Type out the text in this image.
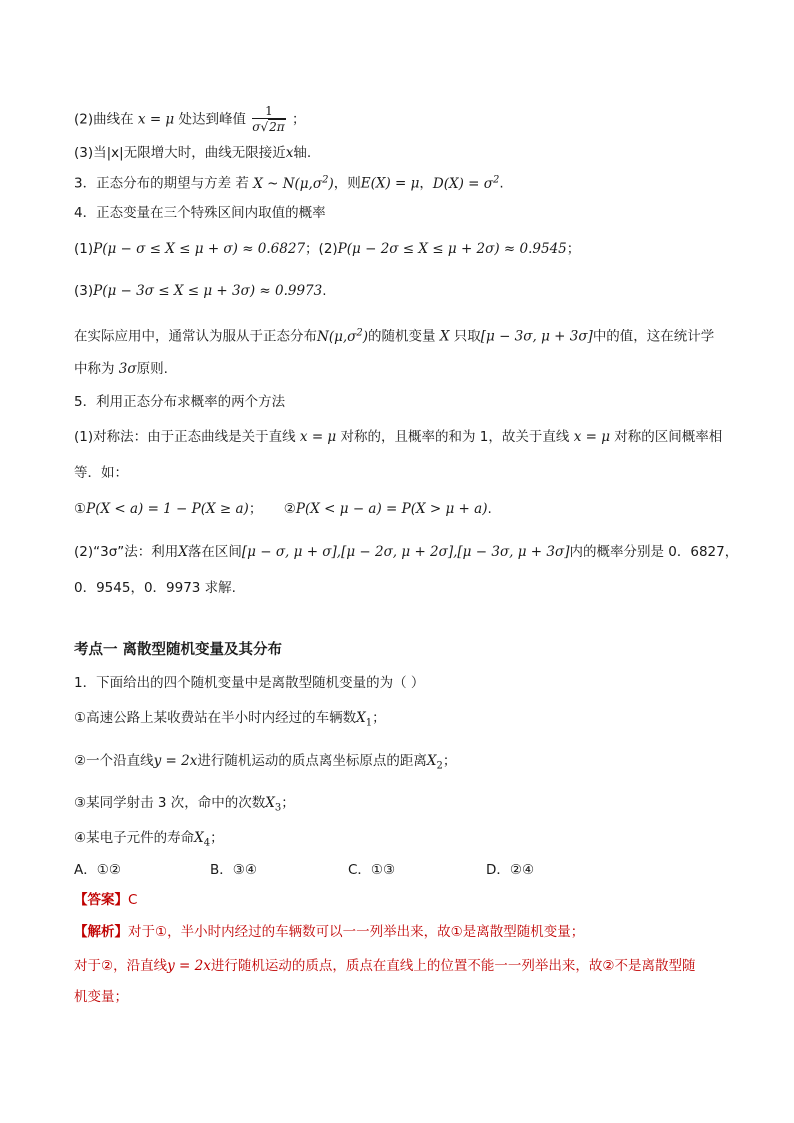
(2)曲线在 x = μ 处达到峰值 $\frac{1}{\sigma√2\pi}$ ；
(3)当|x|无限增大时，曲线无限接近x轴.
3．正态分布的期望与方差 若 X ~ $N(\mu,\sigma^2)$，则E(X) = μ，$D(X) = \sigma^2$.
4．正态变量在三个特殊区间内取值的概率
(1)P(μ − σ ≤ X ≤ μ + σ) ≈ 0.6827；(2)P(μ − 2σ ≤ X ≤ μ + 2σ) ≈ 0.9545；
(3)P(μ − 3σ ≤ X ≤ μ + 3σ) ≈ 0.9973.
在实际应用中，通常认为服从于正态分布$N(\mu,\sigma^2)$的随机变量 X 只取[μ − 3σ, μ + 3σ]中的值，这在统计学
中称为 3σ原则.
5．利用正态分布求概率的两个方法
(1)对称法：由于正态曲线是关于直线 x = μ 对称的，且概率的和为 1，故关于直线 x = μ 对称的区间概率相
等．如：
①P(X < a) = 1 − P(X ≥ a)； ②P(X < μ − a) = P(X > μ + a).
(2)“3σ”法：利用X落在区间[μ − σ, μ + σ],[μ − 2σ, μ + 2σ],[μ − 3σ, μ + 3σ]内的概率分别是 0．6827，
0．9545，0．9973 求解.
考点一 离散型随机变量及其分布
1．下面给出的四个随机变量中是离散型随机变量的为（ ）
①高速公路上某收费站在半小时内经过的车辆数$X_1$；
②一个沿直线y = 2x进行随机运动的质点离坐标原点的距离$X_2$；
③某同学射击 3 次，命中的次数$X_3$；
④某电子元件的寿命$X_4$；
A．①②	B．③④	C．①③	D．②④
【答案】C
【解析】对于①，半小时内经过的车辆数可以一一列举出来，故①是离散型随机变量；
对于②，沿直线y = 2x进行随机运动的质点，质点在直线上的位置不能一一列举出来，故②不是离散型随
机变量；
